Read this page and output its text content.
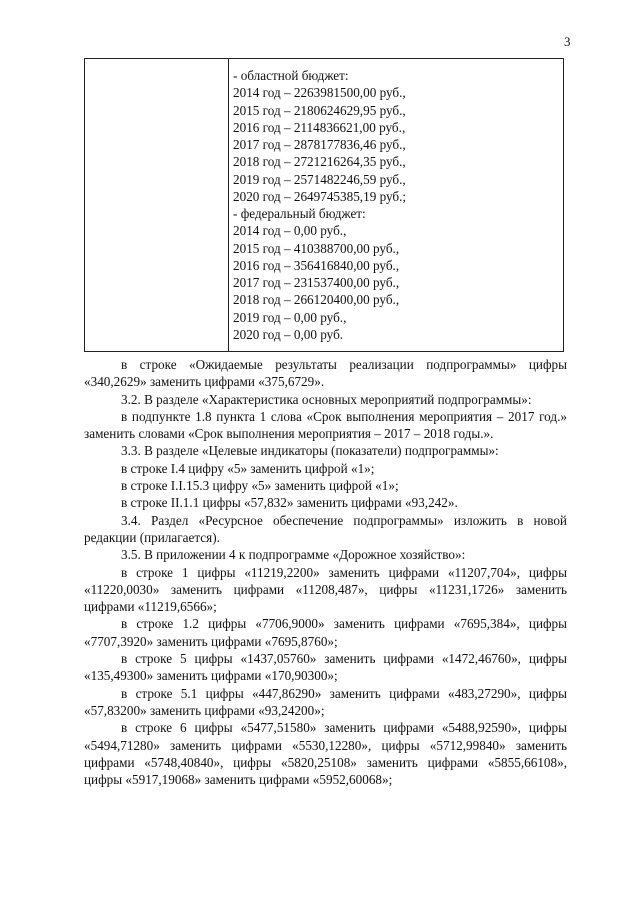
3
- областной бюджет:
2014 год – 2263981500,00 руб.,
2015 год – 2180624629,95 руб.,
2016 год – 2114836621,00 руб.,
2017 год – 2878177836,46 руб.,
2018 год – 2721216264,35 руб.,
2019 год – 2571482246,59 руб.,
2020 год – 2649745385,19 руб.;
- федеральный бюджет:
2014 год – 0,00 руб.,
2015 год – 410388700,00 руб.,
2016 год – 356416840,00 руб.,
2017 год – 231537400,00 руб.,
2018 год – 266120400,00 руб.,
2019 год – 0,00 руб.,
2020 год – 0,00 руб.

в строке «Ожидаемые результаты реализации подпрограммы» цифры «340,2629» заменить цифрами «375,6729».

3.2. В разделе «Характеристика основных мероприятий подпрограммы»:

в подпункте 1.8 пункта 1 слова «Срок выполнения мероприятия – 2017 год.» заменить словами «Срок выполнения мероприятия – 2017 – 2018 годы.».

3.3. В разделе «Целевые индикаторы (показатели) подпрограммы»:

в строке I.4 цифру «5» заменить цифрой «1»;

в строке I.I.15.3 цифру «5» заменить цифрой «1»;

в строке II.1.1 цифры «57,832» заменить цифрами «93,242».

3.4. Раздел «Ресурсное обеспечение подпрограммы» изложить в новой редакции (прилагается).

3.5. В приложении 4 к подпрограмме «Дорожное хозяйство»:

в строке 1 цифры «11219,2200» заменить цифрами «11207,704», цифры «11220,0030» заменить цифрами «11208,487», цифры «11231,1726» заменить цифрами «11219,6566»;

в строке 1.2 цифры «7706,9000» заменить цифрами «7695,384», цифры «7707,3920» заменить цифрами «7695,8760»;

в строке 5 цифры «1437,05760» заменить цифрами «1472,46760», цифры «135,49300» заменить цифрами «170,90300»;

в строке 5.1 цифры «447,86290» заменить цифрами «483,27290», цифры «57,83200» заменить цифрами «93,24200»;

в строке 6 цифры «5477,51580» заменить цифрами «5488,92590», цифры «5494,71280» заменить цифрами «5530,12280», цифры «5712,99840» заменить цифрами «5748,40840», цифры «5820,25108» заменить цифрами «5855,66108», цифры «5917,19068» заменить цифрами «5952,60068»;
